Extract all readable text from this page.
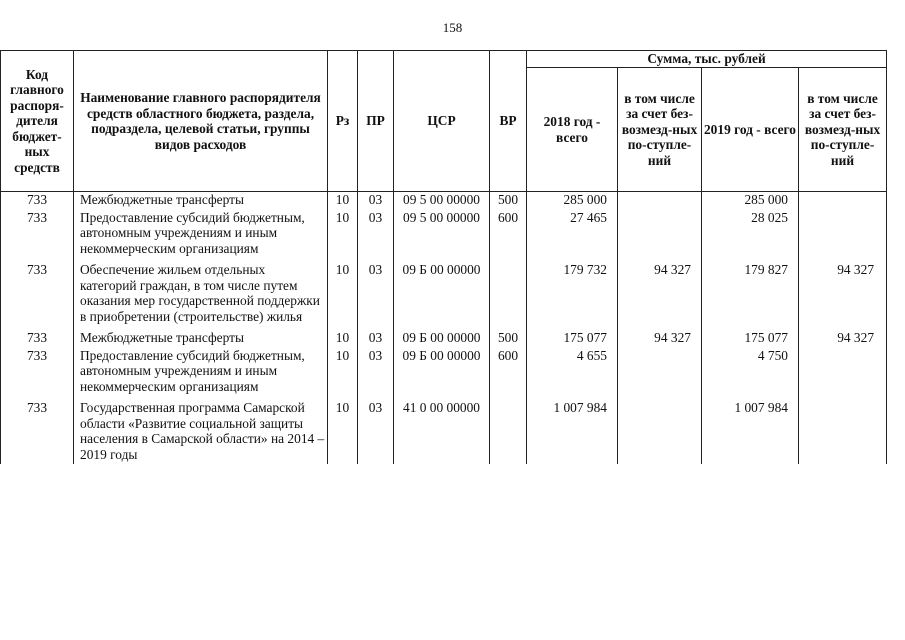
158
Код главного распоря-дителя бюджет-ных средств	Наименование главного распорядителя средств областного бюджета, раздела, подраздела, целевой статьи, группы видов расходов	Рз	ПР	ЦСР	ВР	Сумма, тыс. рублей			
						2018 год - всего	в том числе за счет без-возмезд-ных по-ступле-ний	2019 год - всего	в том числе за счет без-возмезд-ных по-ступле-ний
733	Межбюджетные трансферты	10	03	09 5 00 00000	500	285 000		285 000	
733	Предоставление субсидий бюджетным, автономным учреждениям и иным некоммерческим организациям	10	03	09 5 00 00000	600	27 465		28 025	
733	Обеспечение жильем отдельных категорий граждан, в том числе путем оказания мер государственной поддержки в приобретении (строительстве) жилья	10	03	09 Б 00 00000		179 732	94 327	179 827	94 327
733	Межбюджетные трансферты	10	03	09 Б 00 00000	500	175 077	94 327	175 077	94 327
733	Предоставление субсидий бюджетным, автономным учреждениям и иным некоммерческим организациям	10	03	09 Б 00 00000	600	4 655		4 750	
733	Государственная программа Самарской области «Развитие социальной защиты населения в Самарской области» на 2014 – 2019 годы	10	03	41 0 00 00000		1 007 984		1 007 984	
